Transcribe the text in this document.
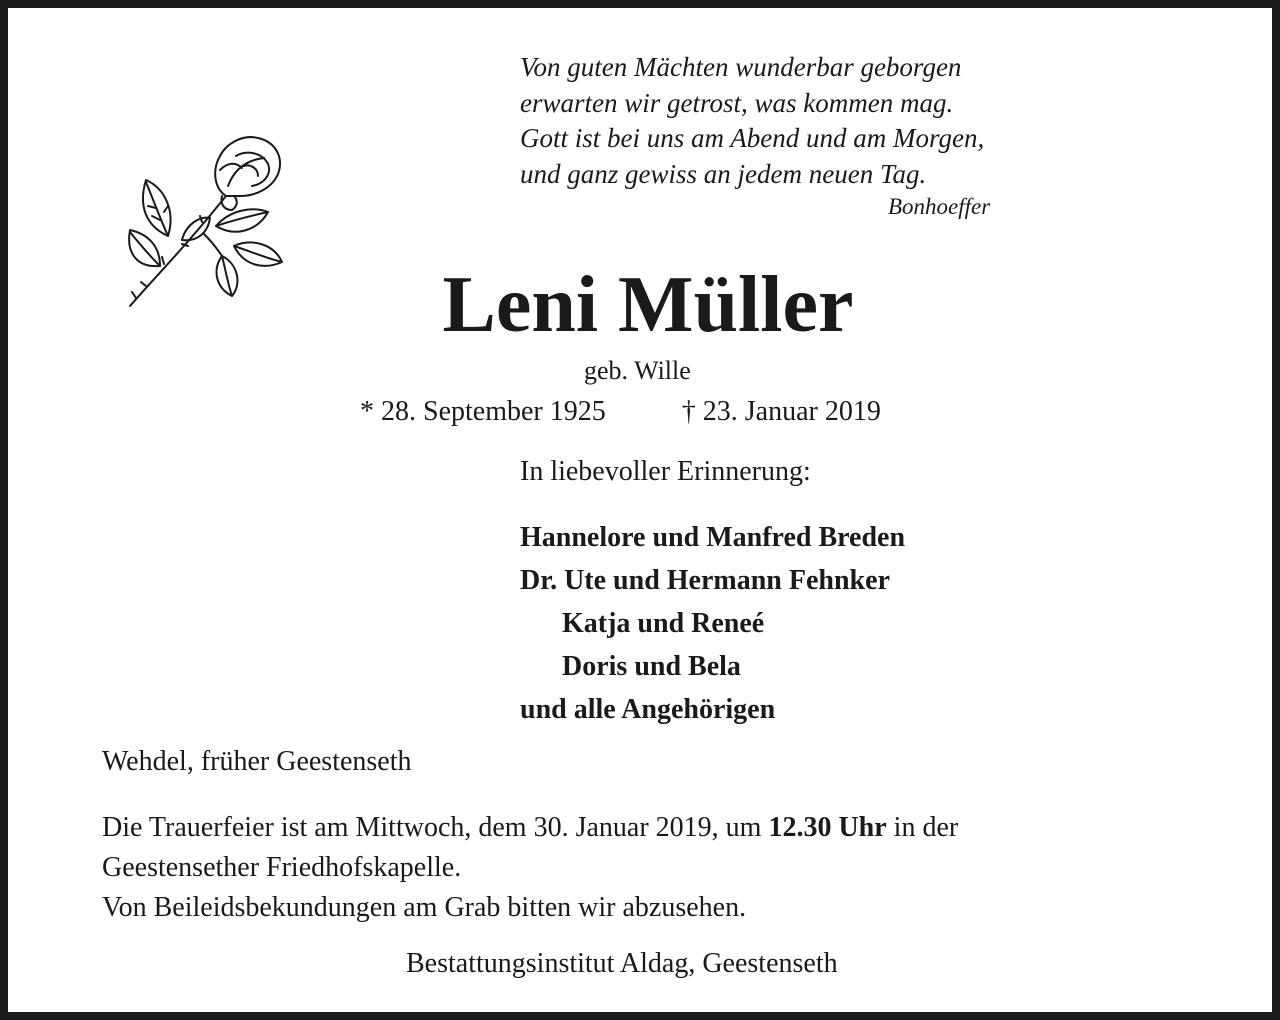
Von guten Mächten wunderbar geborgen
erwarten wir getrost, was kommen mag.
Gott ist bei uns am Abend und am Morgen,
und ganz gewiss an jedem neuen Tag.
Bonhoeffer
Leni Müller
geb. Wille
* 28. September 1925	† 23. Januar 2019
In liebevoller Erinnerung:
Hannelore und Manfred Breden
Dr. Ute und Hermann Fehnker
Katja und Reneé
Doris und Bela
und alle Angehörigen
Wehdel, früher Geestenseth
Die Trauerfeier ist am Mittwoch, dem 30. Januar 2019, um 12.30 Uhr in der
Geestensether Friedhofskapelle.
Von Beileidsbekundungen am Grab bitten wir abzusehen.
Bestattungsinstitut Aldag, Geestenseth
